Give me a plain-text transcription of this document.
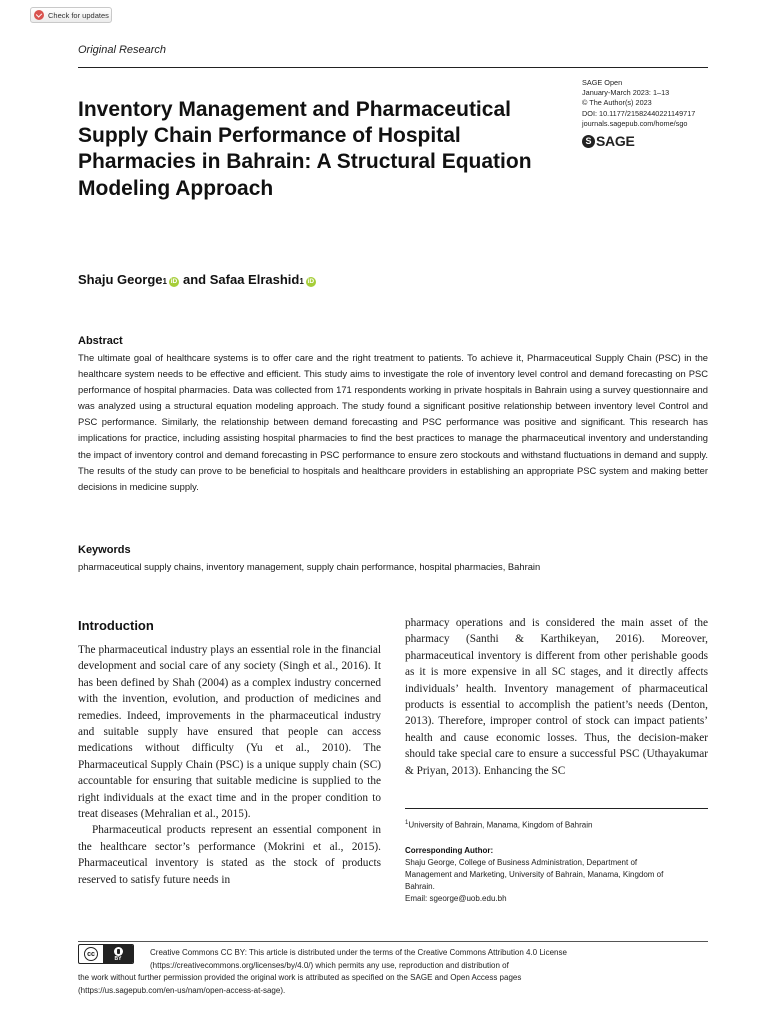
Check for updates
Original Research
SAGE Open
January-March 2023: 1–13
© The Author(s) 2023
DOI: 10.1177/21582440221149717
journals.sagepub.com/home/sgo
S SAGE
Inventory Management and Pharmaceutical Supply Chain Performance of Hospital Pharmacies in Bahrain: A Structural Equation Modeling Approach
Shaju George 1 iD and
Safaa Elrashid 1 iD
Abstract
The ultimate goal of healthcare systems is to offer care and the right treatment to patients. To achieve it, Pharmaceutical Supply Chain (PSC) in the healthcare system needs to be effective and efficient. This study aims to investigate the role of inventory level control and demand forecasting on PSC performance of hospital pharmacies. Data was collected from 171 respondents working in private hospitals in Bahrain using a survey questionnaire and was analyzed using a structural equation modeling approach. The study found a significant positive relationship between inventory level Control and PSC performance. Similarly, the relationship between demand forecasting and PSC performance was positive and significant. This research has implications for practice, including assisting hospital pharmacies to find the best practices to manage the pharmaceutical inventory and understanding the impact of inventory control and demand forecasting in PSC performance to ensure zero stockouts and withstand fluctuations in demand and supply. The results of the study can prove to be beneficial to hospitals and healthcare providers in establishing an appropriate PSC system and making better decisions in medicine supply.
Keywords
pharmaceutical supply chains, inventory management, supply chain performance, hospital pharmacies, Bahrain
Introduction

The pharmaceutical industry plays an essential role in the financial development and social care of any society (Singh et al., 2016). It has been defined by Shah (2004) as a complex industry concerned with the invention, evolution, and production of medicines and remedies. Indeed, improvements in the pharmaceutical industry and suitable supply have ensured that people can access medications without difficulty (Yu et al., 2010). The Pharmaceutical Supply Chain (PSC) is a unique supply chain (SC) accountable for ensuring that suitable medicine is supplied to the right individuals at the exact time and in the proper condition to treat diseases (Mehralian et al., 2015).

Pharmaceutical products represent an essential component in the healthcare sector’s performance (Mokrini et al., 2015). Pharmaceutical inventory is stated as the stock of products reserved to satisfy future needs in

pharmacy operations and is considered the main asset of the pharmacy (Santhi & Karthikeyan, 2016). Moreover, pharmaceutical inventory is different from other perishable goods as it is more expensive in all SC stages, and it directly affects individuals’ health. Inventory management of pharmaceutical products is essential to accomplish the patient’s needs (Denton, 2013). Therefore, improper control of stock can impact patients’ health and cause economic losses. Thus, the decision-maker should take special care to ensure a successful PSC (Uthayakumar & Priyan, 2013). Enhancing the SC

$^1$University of Bahrain, Manama, Kingdom of Bahrain
Corresponding Author:
Shaju George, College of Business Administration, Department of
Management and Marketing, University of Bahrain, Manama, Kingdom of
Bahrain.
Email: sgeorge@uob.edu.bh
cc
BY
Creative Commons CC BY: This article is distributed under the terms of the Creative Commons Attribution 4.0 License
(https://creativecommons.org/licenses/by/4.0/) which permits any use, reproduction and distribution of
the work without further permission provided the original work is attributed as specified on the SAGE and Open Access pages
(https://us.sagepub.com/en-us/nam/open-access-at-sage).
